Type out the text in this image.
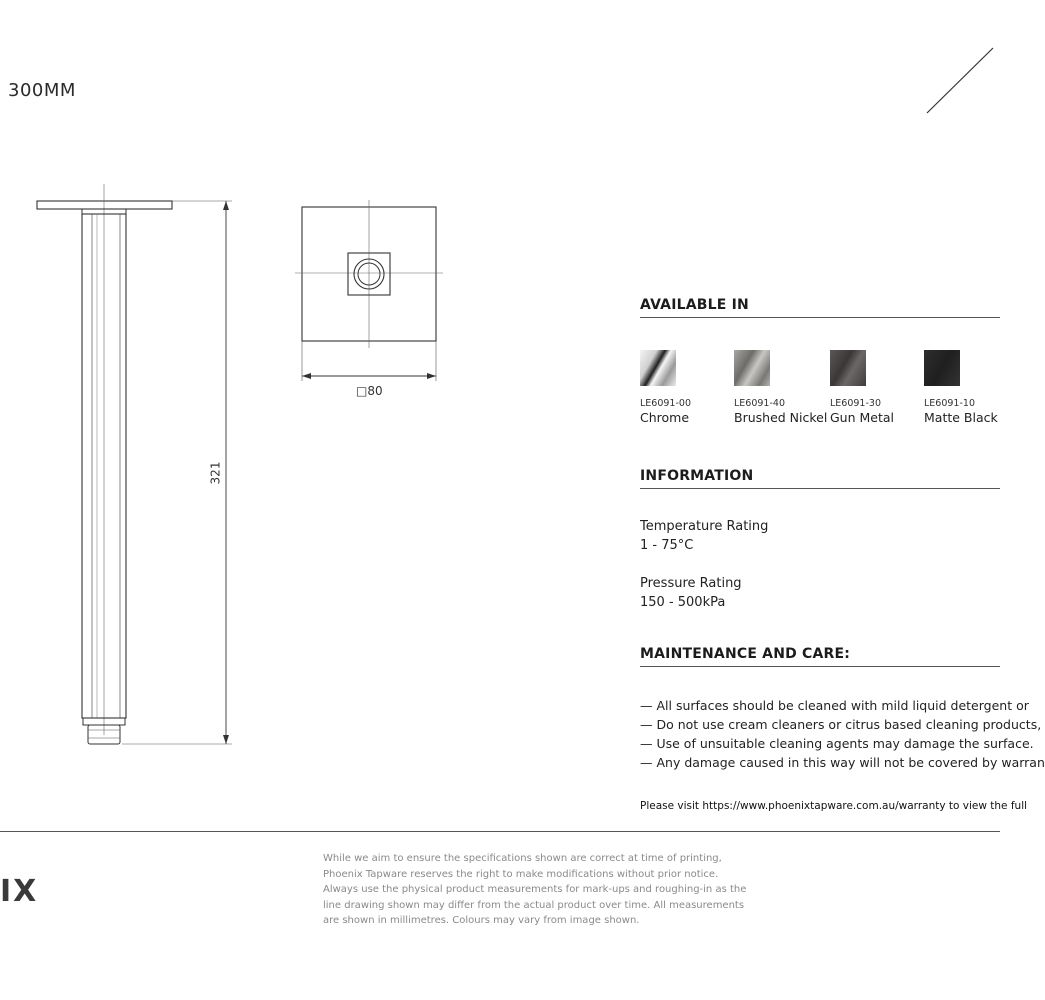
300MM
□80
321
AVAILABLE IN
LE6091-00
Chrome
LE6091-40
Brushed Nickel
LE6091-30
Gun Metal
LE6091-10
Matte Black
INFORMATION
Temperature Rating
1 - 75°C
Pressure Rating
150 - 500kPa
MAINTENANCE AND CARE:
— All surfaces should be cleaned with mild liquid detergent or
— Do not use cream cleaners or citrus based cleaning products,
— Use of unsuitable cleaning agents may damage the surface.
— Any damage caused in this way will not be covered by warran
Please visit https://www.phoenixtapware.com.au/warranty to view the full
IX
While we aim to ensure the specifications shown are correct at time of printing,
Phoenix Tapware reserves the right to make modifications without prior notice.
Always use the physical product measurements for mark-ups and roughing-in as the
line drawing shown may differ from the actual product over time. All measurements
are shown in millimetres. Colours may vary from image shown.
